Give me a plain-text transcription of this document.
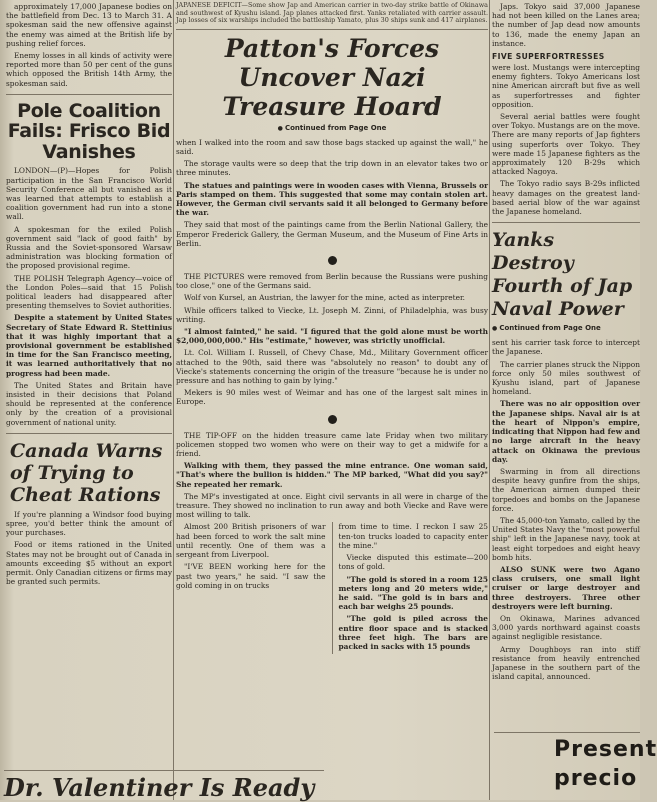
approximately 17,000 Japanese bodies on the battlefield from Dec. 13 to March 31. A spokesman said the new offensive against the enemy was aimed at the British life by pushing relief forces.

Enemy losses in all kinds of activity were reported more than 50 per cent of the guns which opposed the British 14th Army, the spokesman said.

Pole Coalition Fails: Frisco Bid Vanishes

LONDON—(P)—Hopes for Polish participation in the San Francisco World Security Conference all but vanished as it was learned that attempts to establish a coalition government had run into a stone wall.

A spokesman for the exiled Polish government said "lack of good faith" by Russia and the Soviet-sponsored Warsaw administration was blocking formation of the proposed provisional regime.

THE POLISH Telegraph Agency—voice of the London Poles—said that 15 Polish political leaders had disappeared after presenting themselves to Soviet authorities.

Despite a statement by United States Secretary of State Edward R. Stettinius that it was highly important that a provisional government be established in time for the San Francisco meeting, it was learned authoritatively that no progress had been made.

The United States and Britain have insisted in their decisions that Poland should be represented at the conference only by the creation of a provisional government of national unity.

Canada Warns of Trying to Cheat Rations

If you're planning a Windsor food buying spree, you'd better think the amount of your purchases.

Food or items rationed in the United States may not be brought out of Canada in amounts exceeding $5 without an export permit. Only Canadian citizens or firms may be granted such permits.

Dr. Valentiner Is Ready

JAPANESE DEFICIT—Some show Jap and American carrier in two-day strike battle of Okinawa and southwest of Kyushu island. Jap planes attacked first. Yanks retaliated with carrier assault. Jap losses of six warships included the battleship Yamato, plus 30 ships sunk and 417 airplanes.

Patton's Forces Uncover Nazi Treasure Hoard
● Continued from Page One

when I walked into the room and saw those bags stacked up against the wall," he said.

The storage vaults were so deep that the trip down in an elevator takes two or three minutes.

The statues and paintings were in wooden cases with Vienna, Brussels or Paris stamped on them. This suggested that some may contain stolen art. However, the German civil servants said it all belonged to Germany before the war.

They said that most of the paintings came from the Berlin National Gallery, the Emperor Frederick Gallery, the German Museum, and the Museum of Fine Arts in Berlin.

THE PICTURES were removed from Berlin because the Russians were pushing too close," one of the Germans said.

Wolf von Kursel, an Austrian, the lawyer for the mine, acted as interpreter.

While officers talked to Viecke, Lt. Joseph M. Zinni, of Philadelphia, was busy writing.

"I almost fainted," he said. "I figured that the gold alone must be worth $2,000,000,000." His "estimate," however, was strictly unofficial.

Lt. Col. William I. Russell, of Chevy Chase, Md., Military Government officer attached to the 90th, said there was "absolutely no reason" to doubt any of Viecke's statements concerning the origin of the treasure "because he is under no pressure and has nothing to gain by lying."

Mekers is 90 miles west of Weimar and has one of the largest salt mines in Europe.

THE TIP-OFF on the hidden treasure came late Friday when two military policemen stopped two women who were on their way to get a midwife for a friend.

Walking with them, they passed the mine entrance. One woman said, "That's where the bullion is hidden." The MP barked, "What did you say?" She repeated her remark.

The MP's investigated at once. Eight civil servants in all were in charge of the treasure. They showed no inclination to run away and both Viecke and Rave were most willing to talk.

Almost 200 British prisoners of war had been forced to work the salt mine until recently. One of them was a sergeant from Liverpool.

"I'VE BEEN working here for the past two years," he said. "I saw the gold coming in on trucks

from time to time. I reckon I saw 25 ten-ton trucks loaded to capacity enter the mine."

Viecke disputed this estimate—200 tons of gold.

"The gold is stored in a room 125 meters long and 20 meters wide," he said. "The gold is in bars and each bar weighs 25 pounds.

"The gold is piled across the entire floor space and is stacked three feet high. The bars are packed in sacks with 15 pounds

Japs. Tokyo said 37,000 Japanese had not been killed on the Lanes area; the number of Jap dead now amounts to 136, made the enemy Japan an instance.

FIVE SUPERFORTRESSES

were lost. Mustangs were intercepting enemy fighters. Tokyo Americans lost nine American aircraft but five as well as superfortresses and fighter opposition.

Several aerial battles were fought over Tokyo. Mustangs are on the move. There are many reports of Jap fighters using superforts over Tokyo. They were made 15 Japanese fighters as the approximately 120 B-29s which attacked Nagoya.

The Tokyo radio says B-29s inflicted heavy damages on the greatest land-based aerial blow of the war against the Japanese homeland.

Yanks Destroy Fourth of Jap Naval Power
● Continued from Page One

sent his carrier task force to intercept the Japanese.

The carrier planes struck the Nippon force only 50 miles southwest of Kyushu island, part of Japanese homeland.

There was no air opposition over the Japanese ships. Naval air is at the heart of Nippon's empire, indicating that Nippon had few and no large aircraft in the heavy attack on Okinawa the previous day.

Swarming in from all directions despite heavy gunfire from the ships, the American airmen dumped their torpedoes and bombs on the Japanese force.

The 45,000-ton Yamato, called by the United States Navy the "most powerful ship" left in the Japanese navy, took at least eight torpedoes and eight heavy bomb hits.

ALSO SUNK were two Agano class cruisers, one small light cruiser or large destroyer and three destroyers. Three other destroyers were left burning.

On Okinawa, Marines advanced 3,000 yards northward against coasts against negligible resistance.

Army Doughboys ran into stiff resistance from heavily entrenched Japanese in the southern part of the island capital, announced.

Present
precio
